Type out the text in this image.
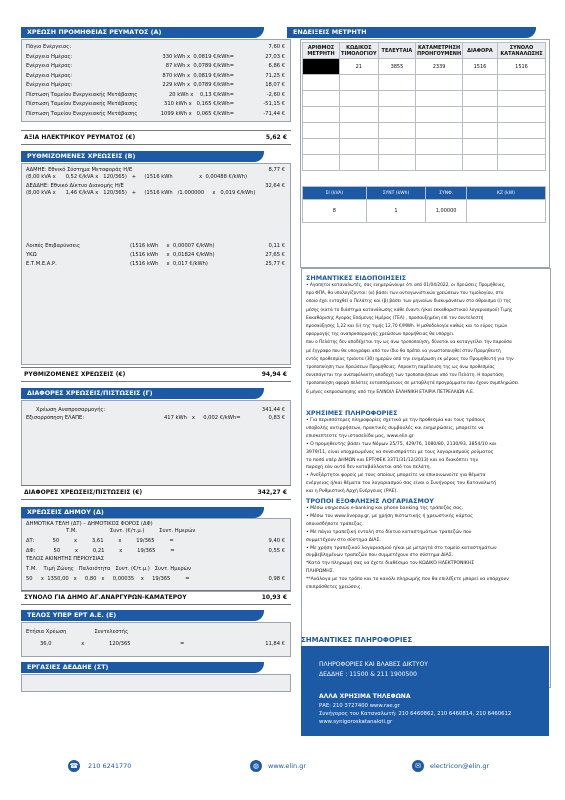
ΧΡΕΩΣΗ ΠΡΟΜΗΘΕΙΑΣ ΡΕΥΜΑΤΟΣ (Α)
Πάγιο Ενέργειας:	7,60 €
Ενέργεια Ημέρας:	330 kWh x  0,0819 €/kWh=	27,03 €
Ενέργεια Ημέρας:	87 kWh x  0,0789 €/kWh=	6,86 €
Ενέργεια Ημέρας:	870 kWh x  0,0819 €/kWh=	71,25 €
Ενέργεια Ημέρας:	229 kWh x  0,0789 €/kWh=	18,07 €
Πίστωση Ταμείου Ενεργειακής Μετάβασης	20 kWh x    0,13 €/kWh=	-2,60 €
Πίστωση Ταμείου Ενεργειακής Μετάβασης	310 kWh x   0,165 €/kWh=	-51,15 €
Πίστωση Ταμείου Ενεργειακής Μετάβασης	1099 kWh x   0,065 €/kWh=	-71,44 €
ΑΞΙΑ ΗΛΕΚΤΡΙΚΟΥ ΡΕΥΜΑΤΟΣ (€)	5,62 €
ΡΥΘΜΙΖΟΜΕΝΕΣ ΧΡΕΩΣΕΙΣ (Β)
ΑΔΜΗΕ: Εθνικό Σύστημα Μεταφοράς Η/Ε	8,77 €
(8,00 kVA x      0,52 €/kVA x   120/365)   +     (1516 kWh                x  0,00488 €/kWh)
ΔΕΔΔΗΕ: Εθνικό Δίκτυο Διανομής Η/Ε	32,64 €
(8,00 kVA x      1,46 €/kVA x   120/365)   +     (1516 kWh   /1.000000     x   0,019 €/kWh)
Λοιπές Επιβαρύνσεις	(1516 kWh     x  0,00007 €/kWh)	0,11 €
ΥΚΩ	(1516 kWh     x  0,01824 €/kWh)	27,65 €
Ε.Τ.Μ.Ε.Α.Ρ.	(1516 kWh     x  0,017 €/kWh)	25,77 €
ΡΥΘΜΙΖΟΜΕΝΕΣ ΧΡΕΩΣΕΙΣ (€)	94,94 €
ΔΙΑΦΟΡΕΣ ΧΡΕΩΣΕΙΣ/ΠΙΣΤΩΣΕΙΣ (Γ)
Χρέωση Αναπροσαρμογής:	341,44 €
Εξισορρόπηση ΕΛΑΠΕ:	417 kWh   x     0,002 €/kWh=	0,83 €
ΔΙΑΦΟΡΕΣ ΧΡΕΩΣΕΙΣ/ΠΙΣΤΩΣΕΙΣ (€)	342,27 €
ΧΡΕΩΣΕΙΣ ΔΗΜΟΥ (Δ)
ΔΗΜΟΤΙΚΑ ΤΕΛΗ (ΔΤ) – ΔΗΜΟΤΙΚΟΣ ΦΟΡΟΣ (ΔΦ)
Τ.Μ.                    Συντ. (€/τ.μ.)         Συντ. Ημερών
ΔΤ:           50         x         3,61         x         19/365         =	9,40 €
ΔΦ:           50         x         0,21         x         19/365         =	0,55 €
ΤΕΛΟΣ ΑΚΙΝΗΤΗΣ ΠΕΡΙΟΥΣΙΑΣ
Τ.Μ.    Τιμή Ζώνης   Παλαιότητα   Συντ. (€/τ.μ.)   Συντ. Ημερών
50     x  1350,00   x     0,80   x     0,00035    x     19/365         =	0,98 €
ΣΥΝΟΛΟ ΓΙΑ ΔΗΜΟ ΑΓ.ΑΝΑΡΓΥΡΩΝ-ΚΑΜΑΤΕΡΟΥ	10,93 €
ΤΕΛΟΣ ΥΠΕΡ ΕΡΤ Α.Ε. (Ε)
Ετήσια Χρέωση                 Συντελεστής
36,0                  x               120/365                              =	11,84 €
ΕΡΓΑΣΙΕΣ ΔΕΔΔΗΕ (ΣΤ)
ΕΝΔΕΙΞΕΙΣ ΜΕΤΡΗΤΗ
ΑΡΙΘΜΟΣ ΜΕΤΡΗΤΗ	ΚΩΔΙΚΟΣ ΤΙΜΟΛΟΓΙΟΥ	ΤΕΛΕΥΤΑΙΑ	ΚΑΤΑΜΕΤΡΗΣΗ ΠΡΟΗΓΟΥΜΕΝΗ	ΔΙΑΦΟΡΑ	ΣΥΝΟΛΟ ΚΑΤΑΝΑΛΩΣΗΣ
	21	3855	2339	1516	1516

ΣΙ (kVA)	ΣΥΝΤ (kWh)	ΣΥΝΦ.	ΚΖ (kW)
8	1	1,00000	
ΣΗΜΑΝΤΙΚΕΣ ΕΙΔΟΠΟΙΗΣΕΙΣ
• Αγαπητοί καταναλωτές, σας ενημερώνουμε ότι από 01/04/2022, οι Χρεώσεις Προμήθειας,
προ ΦΠΑ, θα υπολογίζονται: (α) βάσει των ανταγωνιστικών χρεώσεων του τιμολογίου, στο
οποίο έχει ενταχθεί ο Πελάτης και (β) βάσει των μηνιαίων διακυμάνσεων στο άθροισμα (i) της
μέσης (κατά το διάστημα κατανάλωσης κάθε έναντι ή/και εκκαθαριστικού λογαριασμού) Τιμής
Εκκαθάρισης Αγοράς Επόμενης Ημέρας (ΤΕΑ) , προσαυξημένη επί τον συντελεστή
προσαύξησης 1,22 και (ii) της τιμής 12,70 €/MWh. Η μεθοδολογία καθώς και το εύρος τιμών
εφαρμογής της αναπροσαρμογής χρεώσεων προμήθειας θα υπάρχει.
που ο Πελάτης δεν αποδέχεται την ως άνω τροποποίηση, δύναται να καταγγείλει την παρούσα
με έγγραφο που θα υπογράφει από τον ίδιο θα πρέπει να γνωστοποιηθεί στον Προμηθευτή
εντός προθεσμίας τριάντα (30) ημερών από την ενημέρωση εκ μέρους του Προμηθευτή για την
τροποποίηση των Χρεώσεων Προμήθειας. Απρακτη παρέλευση της ως άνω προθεσμίας
συνεπάγεται την ανεπιφύλακτη αποδοχή των τροποποιήσεων από τον Πελάτη. Η παρατάση
τροποποίηση αφορά πελάτες εντασσόμενους σε μεταβλητά προγράμματα που έχουν συμπληρώσει
6 μήνες εκπροσώπησης από την ΕΛΙΝΟΙΛ ΕΛΛΗΝΙΚΗ ΕΤΑΙΡΙΑ ΠΕΤΡΕΛΑΙΩΝ Α.Ε.
ΧΡΗΣΙΜΕΣ ΠΛΗΡΟΦΟΡΙΕΣ
• Για περισσότερες πληροφορίες σχετικά με την προθεσμία και τους τρόπους
υποβολής αντιρρήσεων, πρακτικές συμβουλές και ενημερώσεις, μπορείτε να
επισκεπτεστε την ιστοσελίδα μας, www.elin.gr
• Ο προμηθευτής βάσει των Νόμων 25/75, 429/76, 1080/80, 2130/93, 3854/10 και
3979/11, είναι υποχρεωμένος να συνεισπράττει με τους λογαριασμούς ρεύματος
το ποσό υπέρ ΔΗΜΩΝ και ΕΡΤ(ΦΕΚ 3371/31/12/2013) και να διακόπτει την
παροχή εάν αυτό δεν καταβάλλονται από τον πελάτη.
• Ανεξάρτητοι φορείς με τους οποίους μπορείτε να επικοινωνείτε για θέματα
ενέργειας ή/και θέματα του λογαριασμού σας είναι ο Συνήγορος του Καταναλωτή
και η Ρυθμιστική Αρχή Ενέργειας (ΡΑΕ).
ΤΡΟΠΟΙ ΕΞΟΦΛΗΣΗΣ ΛΟΓΑΡΙΑΣΜΟΥ
• Μέσω υπηρεσιών e-banking και phone banking της τράπεζάς σας.
• Μέσω του www.livepay.gr, με χρήση πιστωτικής ή χρεωστικής κάρτας
οποιασδήποτε τράπεζας.
• Με πάγια τραπεζική εντολή στο δίκτυο καταστημάτων τραπεζών που
συμμετέχουν στο σύστημα ΔΙΑΣ.
• Με χρήση τραπεζικού λογαριασμού ή/και με μετρητά στο ταμείο καταστημάτων
συμβεβλημένων τραπεζών που συμμετέχουν στο σύστημα ΔΙΑΣ.
*Κατά την πληρωμή σας να έχετε διαθέσιμο τον ΚΩΔΙΚΟ ΗΛΕΚΤΡΟΝΙΚΗΣ
ΠΛΗΡΩΜΗΣ.
**Ανάλογα με τον τρόπο και το κανάλι πληρωμής που θα επιλέξετε μπορεί να υπάρχουν
επιπρόσθετες χρεώσεις.
ΣΗΜΑΝΤΙΚΕΣ ΠΛΗΡΟΦΟΡΙΕΣ
ΠΛΗΡΟΦΟΡΙΕΣ ΚΑΙ ΒΛΑΒΕΣ ΔΙΚΤΥΟΥ
ΔΕΔΔΗΕ : 11500 & 211 1900500
ΑΛΛΑ ΧΡΗΣΙΜΑ ΤΗΛΕΦΩΝΑ
ΡΑΕ: 210 3727400 www.rae.gr
Συνήγορος του Καταναλωτή: 210 6460862, 210 6460814, 210 6460612
www.synigoroskatanaloti.gr
☎ 210 6241770	◍	www.elin.gr	✉	electricon@elin.gr
